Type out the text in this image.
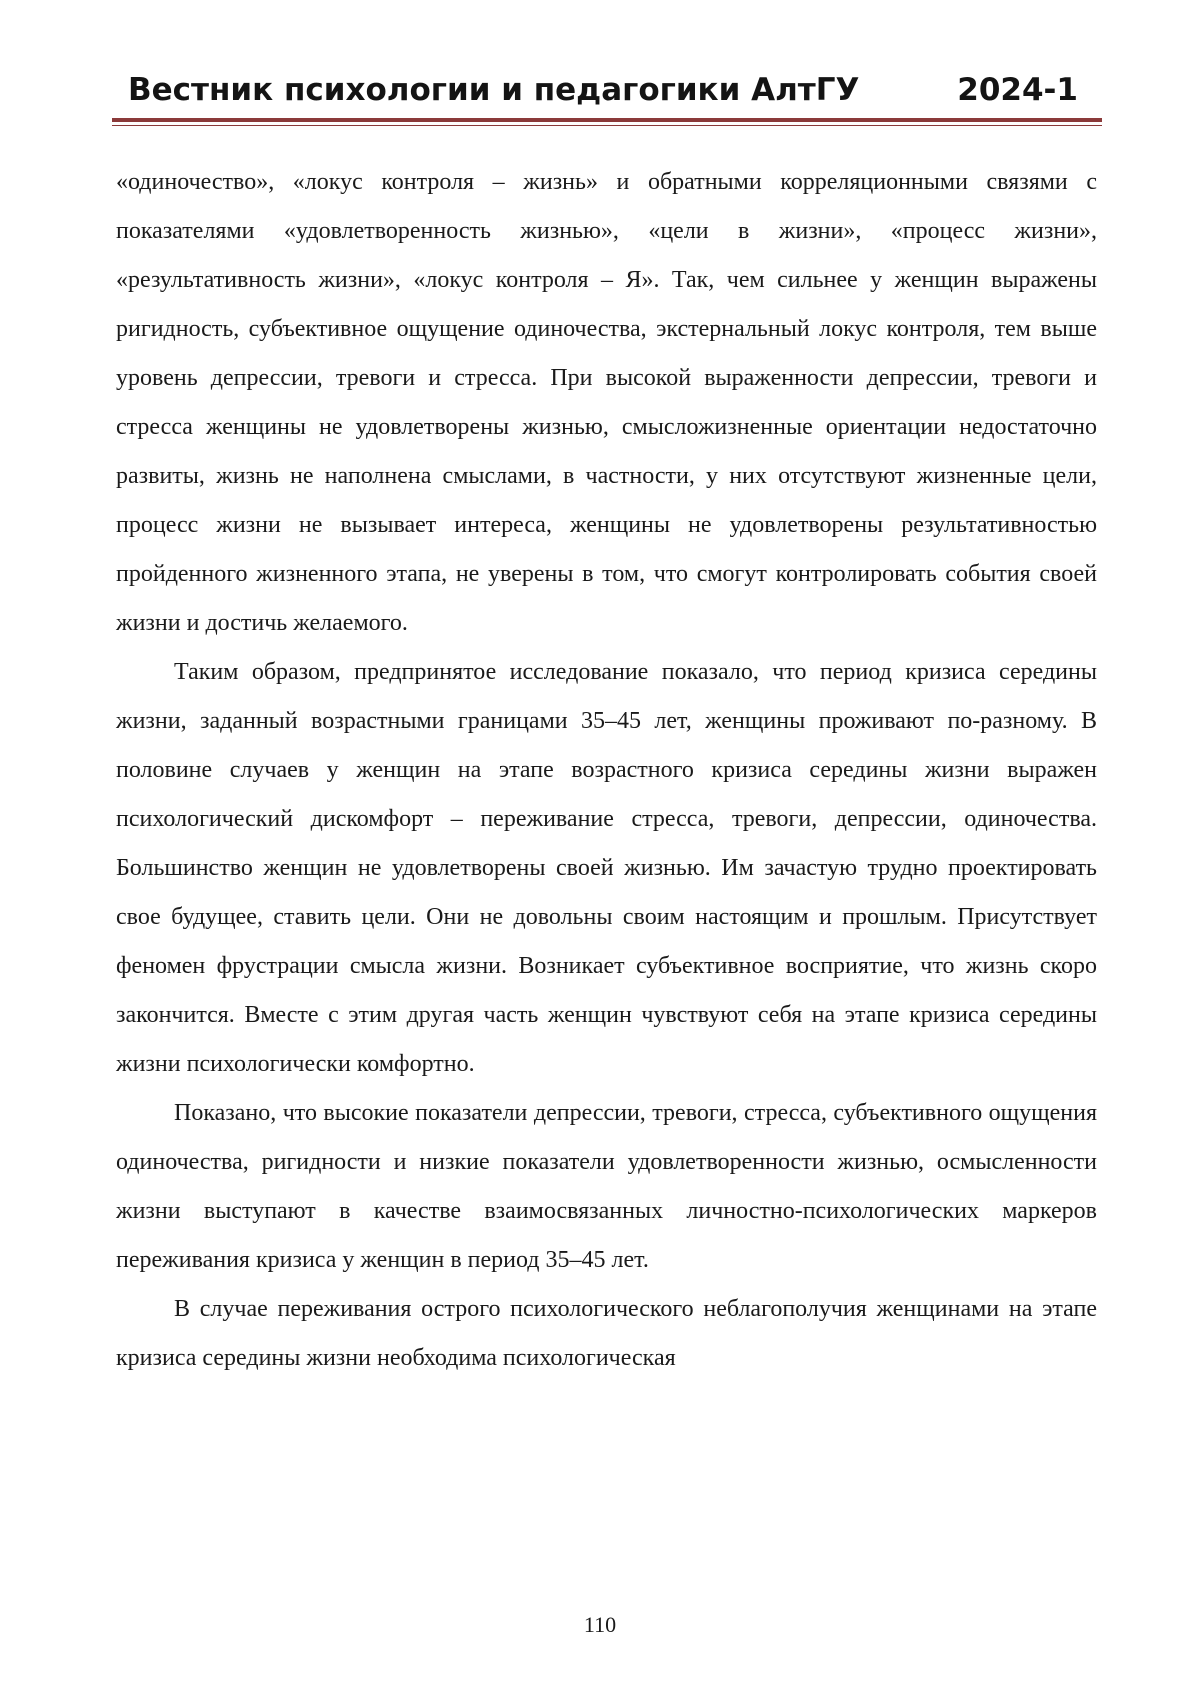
Вестник психологии и педагогики АлтГУ	2024-1

«одиночество», «локус контроля – жизнь» и обратными корреляционными связями с показателями «удовлетворенность жизнью», «цели в жизни», «процесс жизни», «результативность жизни», «локус контроля – Я». Так, чем сильнее у женщин выражены ригидность, субъективное ощущение одиночества, экстернальный локус контроля, тем выше уровень депрессии, тревоги и стресса. При высокой выраженности депрессии, тревоги и стресса женщины не удовлетворены жизнью, смысложизненные ориентации недостаточно развиты, жизнь не наполнена смыслами, в частности, у них отсутствуют жизненные цели, процесс жизни не вызывает интереса, женщины не удовлетворены результативностью пройденного жизненного этапа, не уверены в том, что смогут контролировать события своей жизни и достичь желаемого.

Таким образом, предпринятое исследование показало, что период кризиса середины жизни, заданный возрастными границами 35–45 лет, женщины проживают по-разному. В половине случаев у женщин на этапе возрастного кризиса середины жизни выражен психологический дискомфорт – переживание стресса, тревоги, депрессии, одиночества. Большинство женщин не удовлетворены своей жизнью. Им зачастую трудно проектировать свое будущее, ставить цели. Они не довольны своим настоящим и прошлым. Присутствует феномен фрустрации смысла жизни. Возникает субъективное восприятие, что жизнь скоро закончится. Вместе с этим другая часть женщин чувствуют себя на этапе кризиса середины жизни психологически комфортно.

Показано, что высокие показатели депрессии, тревоги, стресса, субъективного ощущения одиночества, ригидности и низкие показатели удовлетворенности жизнью, осмысленности жизни выступают в качестве взаимосвязанных личностно-психологических маркеров переживания кризиса у женщин в период 35–45 лет.

В случае переживания острого психологического неблагополучия женщинами на этапе кризиса середины жизни необходима психологическая

110
